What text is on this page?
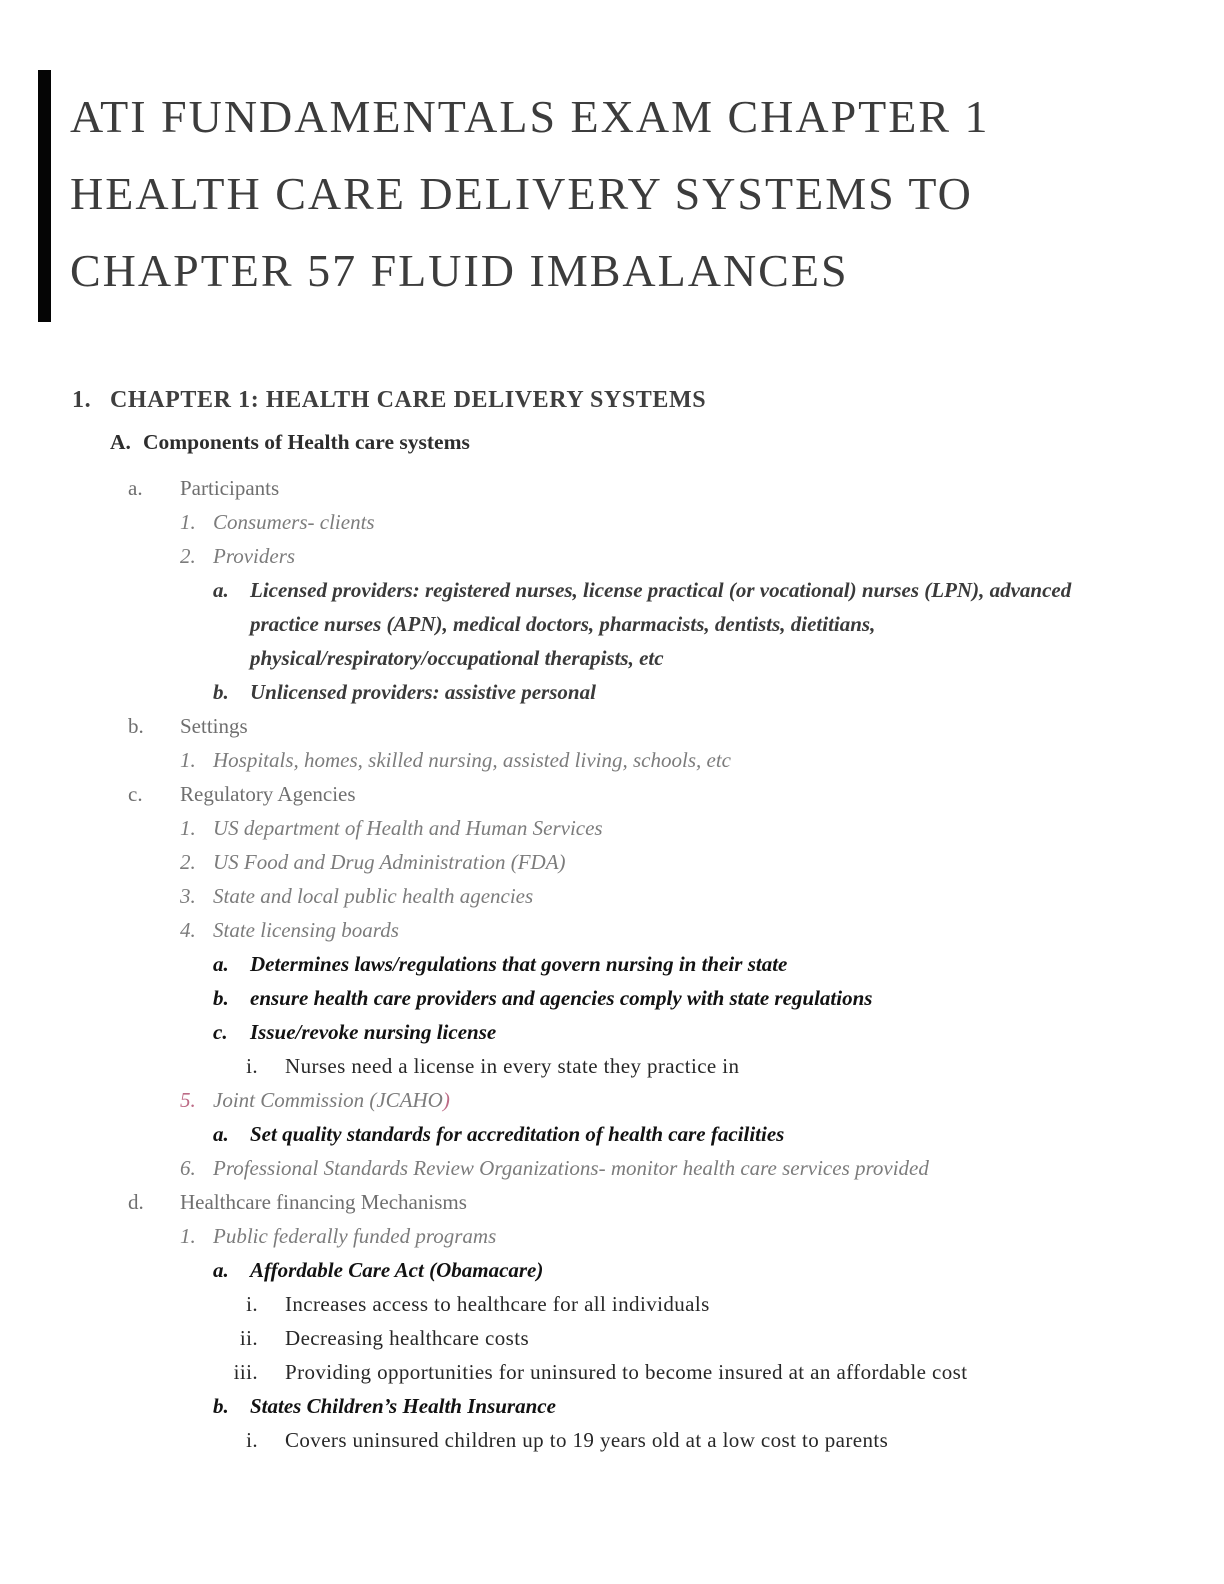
ATI FUNDAMENTALS EXAM CHAPTER 1
HEALTH CARE DELIVERY SYSTEMS TO
CHAPTER 57 FLUID IMBALANCES
1. CHAPTER 1: HEALTH CARE DELIVERY SYSTEMS
A. Components of Health care systems
a.	Participants
1. Consumers- clients
2. Providers
a.	Licensed providers: registered nurses, license practical (or vocational) nurses (LPN), advanced practice nurses (APN), medical doctors, pharmacists, dentists, dietitians, physical/respiratory/occupational therapists, etc
b.	Unlicensed providers: assistive personal
b.	Settings
1. Hospitals, homes, skilled nursing, assisted living, schools, etc
c.	Regulatory Agencies
1. US department of Health and Human Services
2. US Food and Drug Administration (FDA)
3. State and local public health agencies
4. State licensing boards
a.	Determines laws/regulations that govern nursing in their state
b.	ensure health care providers and agencies comply with state regulations
c.	Issue/revoke nursing license
i. Nurses need a license in every state they practice in
5. Joint Commission (JCAHO)
a.	Set quality standards for accreditation of health care facilities
6. Professional Standards Review Organizations- monitor health care services provided
d.	Healthcare financing Mechanisms
1. Public federally funded programs
a.	Affordable Care Act (Obamacare)
i. Increases access to healthcare for all individuals
ii. Decreasing healthcare costs
iii. Providing opportunities for uninsured to become insured at an affordable cost
b.	States Children’s Health Insurance
i. Covers uninsured children up to 19 years old at a low cost to parents
